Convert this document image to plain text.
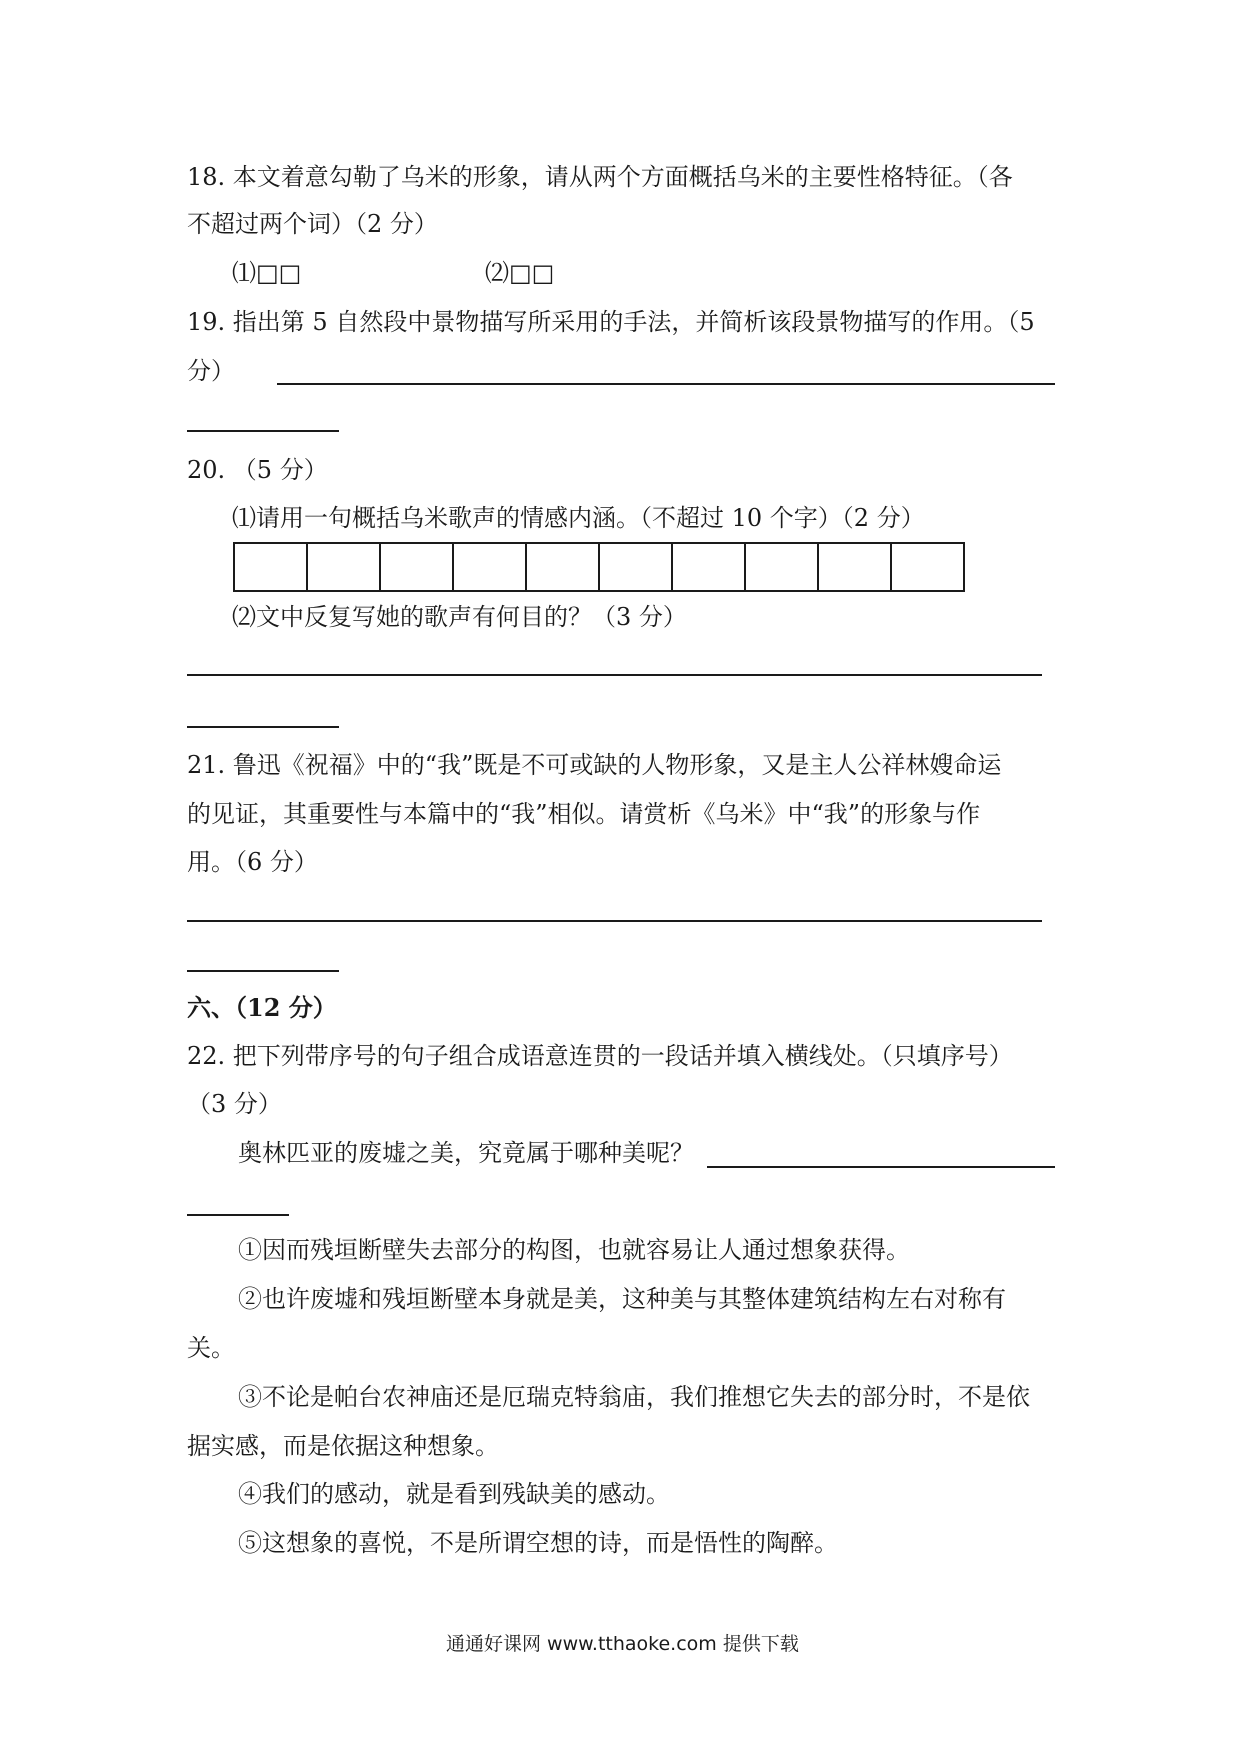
18. 本文着意勾勒了乌米的形象，请从两个方面概括乌米的主要性格特征。（各
不超过两个词）（2 分）
⑴□□	⑵□□
19. 指出第 5 自然段中景物描写所采用的手法，并简析该段景物描写的作用。（5
分）
20. （5 分）
⑴请用一句概括乌米歌声的情感内涵。（不超过 10 个字）（2 分）
⑵文中反复写她的歌声有何目的？（3 分）
21. 鲁迅《祝福》中的“我”既是不可或缺的人物形象，又是主人公祥林嫂命运
的见证，其重要性与本篇中的“我”相似。请赏析《乌米》中“我”的形象与作
用。（6 分）
六、（12 分）
22. 把下列带序号的句子组合成语意连贯的一段话并填入横线处。（只填序号）
（3 分）
奥林匹亚的废墟之美，究竟属于哪种美呢？
①因而残垣断壁失去部分的构图，也就容易让人通过想象获得。
②也许废墟和残垣断壁本身就是美，这种美与其整体建筑结构左右对称有
关。
③不论是帕台农神庙还是厄瑞克特翁庙，我们推想它失去的部分时，不是依
据实感，而是依据这种想象。
④我们的感动，就是看到残缺美的感动。
⑤这想象的喜悦，不是所谓空想的诗，而是悟性的陶醉。
通通好课网 www.tthaoke.com 提供下载
